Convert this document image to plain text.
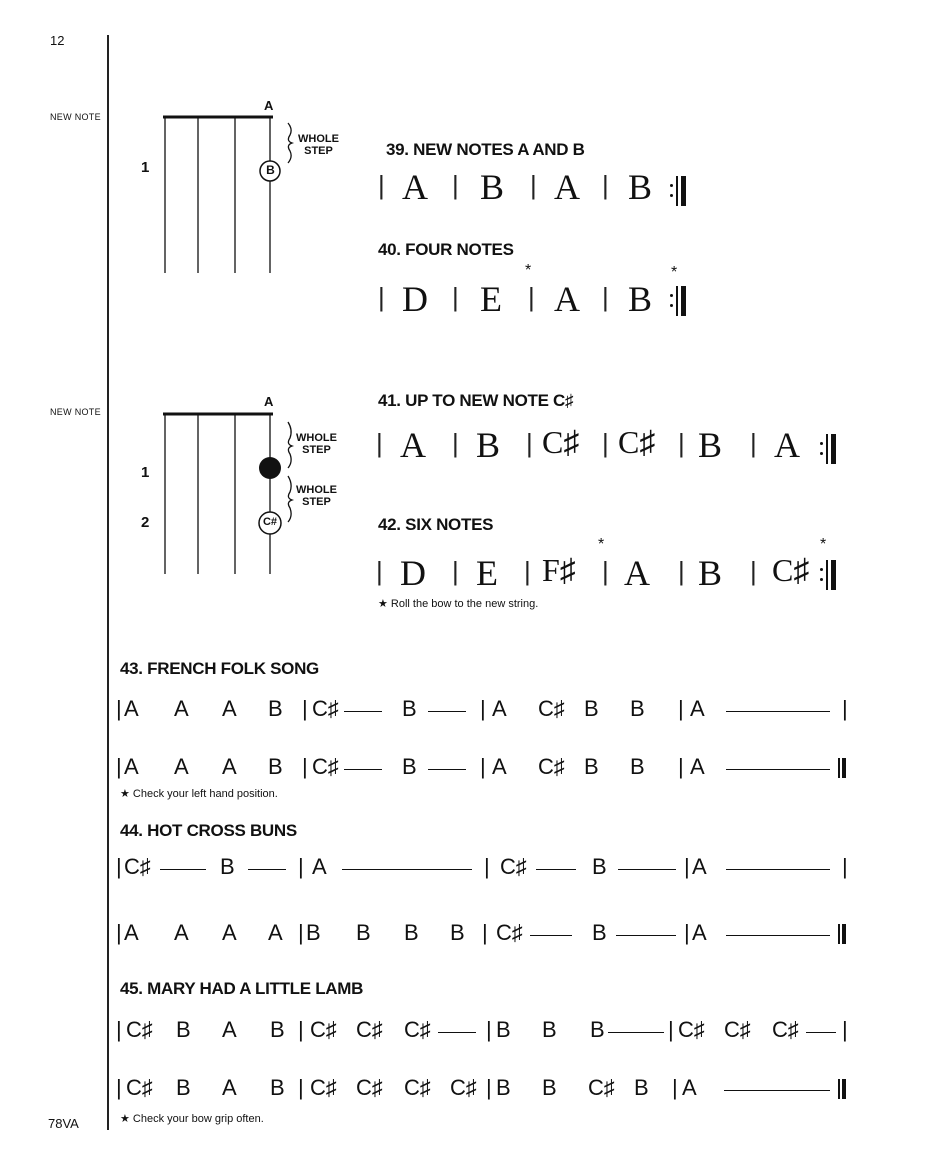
12
NEW NOTE
NEW NOTE
78VA
A
B
1
WHOLE
STEP
A
C#
1
2
WHOLE
STEP
WHOLE
STEP
39. NEW NOTES A AND B
| A | B | A | B
40. FOUR NOTES
| D | E
*
| A | B
*
41. UP TO NEW NOTE C♯
| A | B | C♯ | C♯ | B | A
42. SIX NOTES
| D | E | F♯
*
| A | B | C♯
*
★ Roll the bow to the new string.
43. FRENCH FOLK SONG
| A A A B | C♯	B	| A C♯ B B | A	|
| A A A B | C♯	B	| A C♯ B B | A
★ Check your left hand position.
44. HOT CROSS BUNS
| C♯	B	| A	| C♯	B	| A	|
| A A A A | B B B B | C♯	B	| A
45. MARY HAD A LITTLE LAMB
| C♯ B A B | C♯ C♯ C♯	| B B B	| C♯ C♯ C♯ |
| C♯ B A B | C♯ C♯ C♯ C♯ | B B C♯ B | A
★ Check your bow grip often.
